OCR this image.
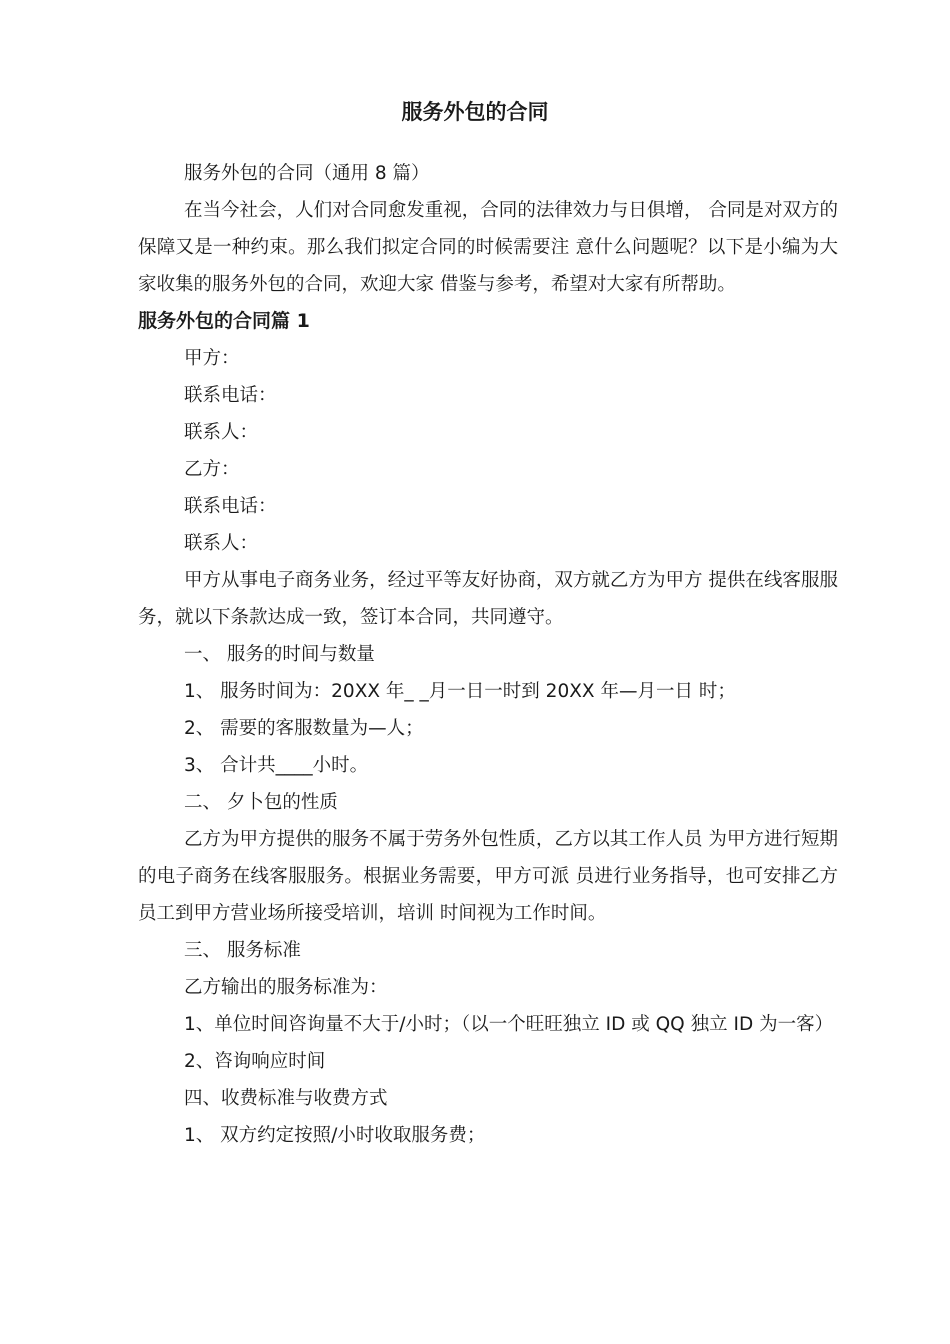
服务外包的合同

服务外包的合同（通用 8 篇）

在当今社会，人们对合同愈发重视，合同的法律效力与日俱增， 合同是对双方的保障又是一种约束。那么我们拟定合同的时候需要注 意什么问题呢？以下是小编为大家收集的服务外包的合同，欢迎大家 借鉴与参考，希望对大家有所帮助。

服务外包的合同篇 1

甲方：

联系电话：

联系人：

乙方：

联系电话：

联系人：

甲方从事电子商务业务，经过平等友好协商，双方就乙方为甲方 提供在线客服服务，就以下条款达成一致，签订本合同，共同遵守。

一、 服务的时间与数量

1、 服务时间为：20XX 年_ _月一日一时到 20XX 年—月一日 时；

2、 需要的客服数量为—人；

3、 合计共____小时。

二、 夕卜包的性质

乙方为甲方提供的服务不属于劳务外包性质，乙方以其工作人员 为甲方进行短期的电子商务在线客服服务。根据业务需要，甲方可派 员进行业务指导，也可安排乙方员工到甲方营业场所接受培训，培训 时间视为工作时间。

三、 服务标准

乙方输出的服务标准为：

1、单位时间咨询量不大于/小时；（以一个旺旺独立 ID 或 QQ 独立 ID 为一客）

2、咨询响应时间

四、收费标准与收费方式

1、 双方约定按照/小时收取服务费；
